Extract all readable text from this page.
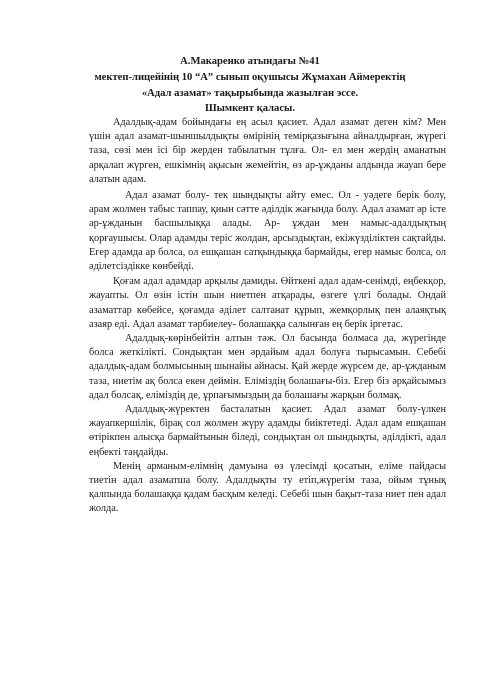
А.Макаренко атындағы №41

мектеп-лицейінің 10 “А” сынып оқушысы Жұмахан Аймеректің

«Адал азамат» тақырыбында жазылған эссе.

Шымкент қаласы.

Адалдық-адам бойындағы ең асыл қасиет. Адал азамат деген кім? Мен үшін адал азамат-шыншылдықты өмірінің темірқазығына айналдырған, жүрегі таза, сөзі мен ісі бір жерден табылатын тұлға. Ол- ел мен жердің аманатын арқалап жүрген, ешкімнің ақысын жемейтін, өз ар-ұжданы алдында жауап бере алатын адам.

Адал азамат болу- тек шындықты айту емес. Ол - уәдеге берік болу, арам жолмен табыс таппау, қиын сәтте әділдік жағында болу. Адал азамат әр істе ар-ұжданын басшылыққа алады. Ар- ұждан мен намыс-адалдықтың қорғаушысы. Олар адамды теріс жолдан, арсыздықтан, екіжүзділіктен сақтайды. Егер адамда ар болса, ол ешқашан сатқындыққа бармайды, егер намыс болса, ол әділетсіздікке көнбейді.

Қоғам адал адамдар арқылы дамиды. Өйткені адал адам-сенімді, еңбекқор, жауапты. Ол өзін істін шын ниетпен атқарады, өзгеге үлгі болады. Ондай азаматтар көбейсе, қоғамда әділет салтанат құрып, жемқорлық пен алаяқтық азаяр еді. Адал азамат тәрбиелеу- болашаққа салынған ең берік іргетас.

Адалдық-көрінбейтін алтын тәж. Ол басында болмаса да, жүрегінде болса жеткілікті. Сондықтан мен әрдайым адал болуға тырысамын. Себебі адалдық-адам болмысының шынайы айнасы. Қай жерде жүрсем де, ар-ұжданым таза, ниетім ақ болса екен деймін. Еліміздің болашағы-біз. Егер біз әрқайсымыз адал болсақ, еліміздің де, ұрпағымыздың да болашағы жарқын болмақ.

Адалдық-жүректен басталатын қасиет. Адал азамат болу-үлкен жауапкершілік, бірақ сол жолмен жүру адамды биіктетеді. Адал адам ешқашан өтірікпен алысқа бармайтынын біледі, сондықтан ол шындықты, әділдікті, адал еңбекті таңдайды.

Менің арманым-елімнің дамуына өз үлесімді қосатын, еліме пайдасы тиетін адал азаматша болу. Адалдықты ту етіп,жүрегім таза, ойым тұнық қалпында болашаққа қадам басқым келеді. Себебі шын бақыт-таза ниет пен адал жолда.
